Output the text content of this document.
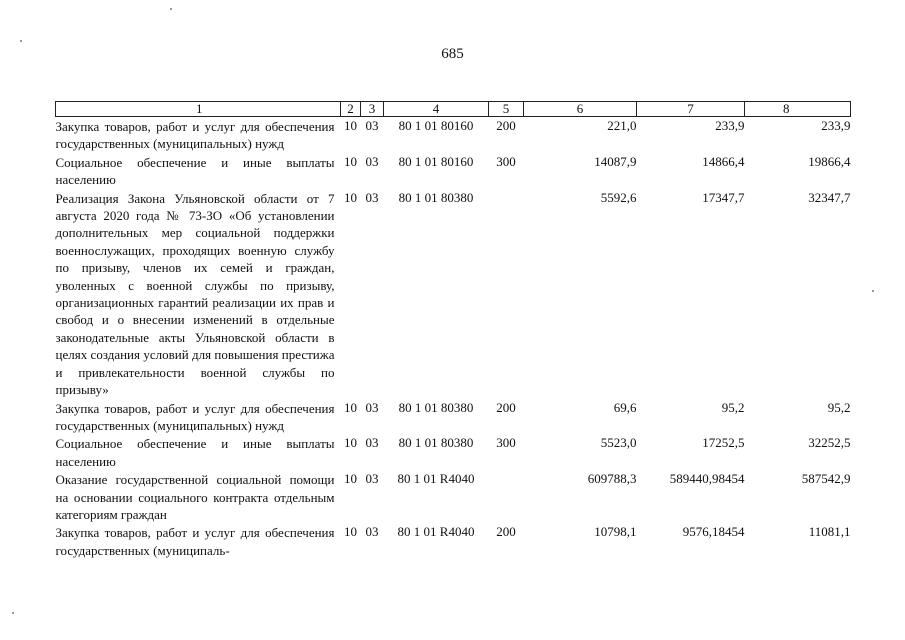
685
1	2	3	4	5	6	7	8
Закупка товаров, работ и услуг для обеспечения государственных (муниципальных) нужд	10	03	80 1 01 80160	200	221,0	233,9	233,9
Социальное обеспечение и иные выплаты населению	10	03	80 1 01 80160	300	14087,9	14866,4	19866,4
Реализация Закона Ульяновской области от 7 августа 2020 года № 73-ЗО «Об установлении дополнительных мер социальной поддержки военнослужащих, проходящих военную службу по призыву, членов их семей и граждан, уволенных с военной службы по призыву, организационных гарантий реализации их прав и свобод и о внесении изменений в отдельные законодательные акты Ульяновской области в целях создания условий для повышения престижа и привлекательности военной службы по призыву»	10	03	80 1 01 80380		5592,6	17347,7	32347,7
Закупка товаров, работ и услуг для обеспечения государственных (муниципальных) нужд	10	03	80 1 01 80380	200	69,6	95,2	95,2
Социальное обеспечение и иные выплаты населению	10	03	80 1 01 80380	300	5523,0	17252,5	32252,5
Оказание государственной социальной помощи на основании социального контракта отдельным категориям граждан	10	03	80 1 01 R4040		609788,3	589440,98454	587542,9
Закупка товаров, работ и услуг для обеспечения государственных (муниципаль-	10	03	80 1 01 R4040	200	10798,1	9576,18454	11081,1
